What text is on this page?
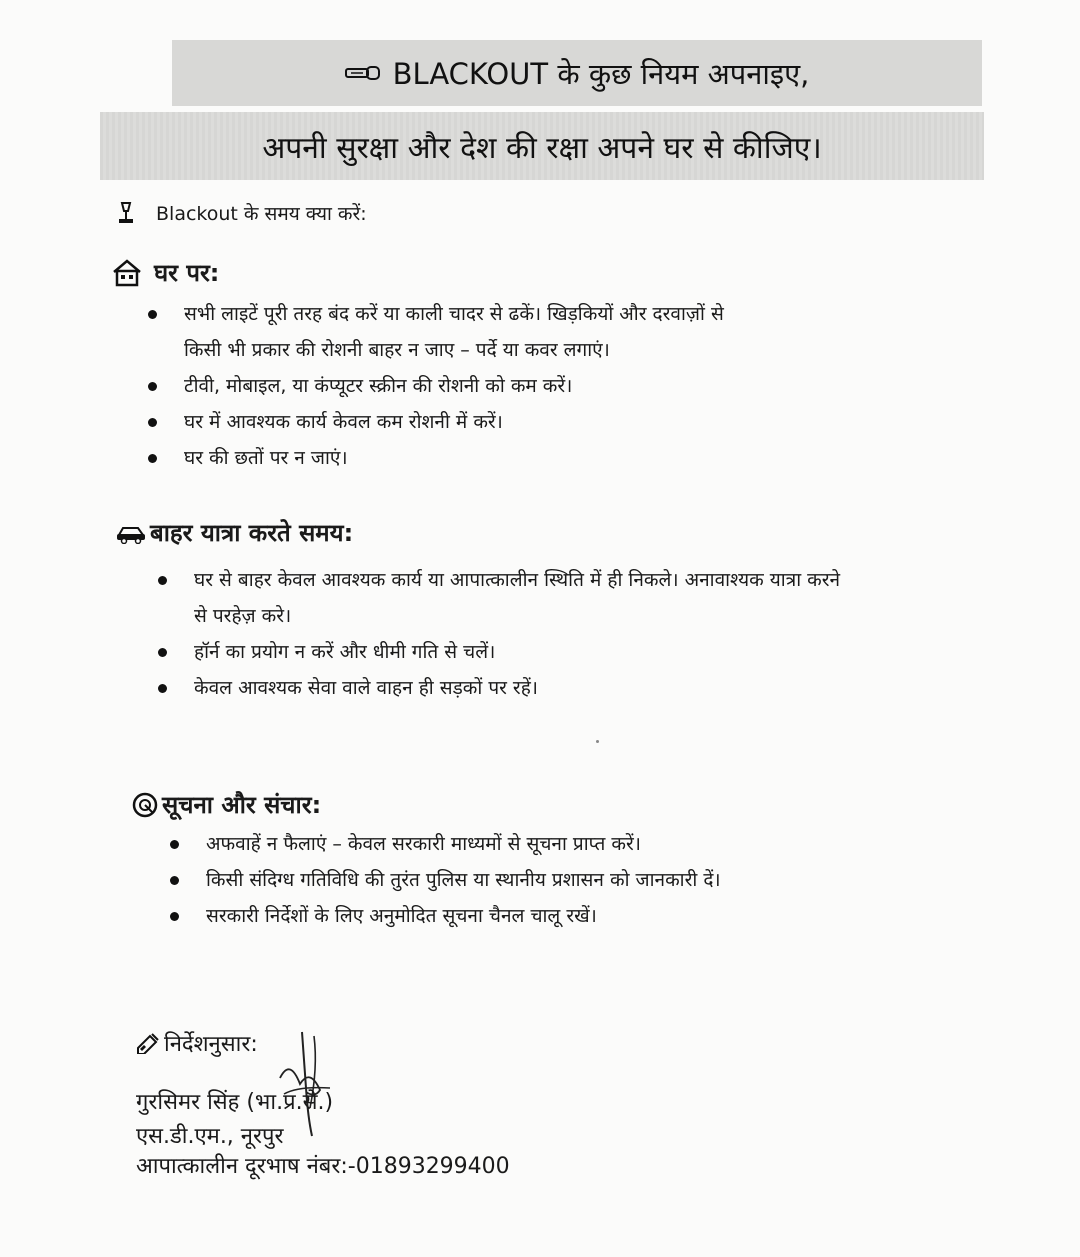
BLACKOUT के कुछ नियम अपनाइए,
अपनी सुरक्षा और देश की रक्षा अपने घर से कीजिए।
Blackout के समय क्या करें:
घर पर:
सभी लाइटें पूरी तरह बंद करें या काली चादर से ढकें। खिड़कियों और दरवाज़ों से
किसी भी प्रकार की रोशनी बाहर न जाए – पर्दे या कवर लगाएं।
टीवी, मोबाइल, या कंप्यूटर स्क्रीन की रोशनी को कम करें।
घर में आवश्यक कार्य केवल कम रोशनी में करें।
घर की छतों पर न जाएं।
बाहर यात्रा करते समय:
घर से बाहर केवल आवश्यक कार्य या आपात्कालीन स्थिति में ही निकले। अनावाश्यक यात्रा करने
से परहेज़ करे।
हॉर्न का प्रयोग न करें और धीमी गति से चलें।
केवल आवश्यक सेवा वाले वाहन ही सड़कों पर रहें।
सूचना और संचार:
अफवाहें न फैलाएं – केवल सरकारी माध्यमों से सूचना प्राप्त करें।
किसी संदिग्ध गतिविधि की तुरंत पुलिस या स्थानीय प्रशासन को जानकारी दें।
सरकारी निर्देशों के लिए अनुमोदित सूचना चैनल चालू रखें।
निर्देशनुसार:
गुरसिमर सिंह (भा.प्र.से.)
एस.डी.एम., नूरपुर
आपात्कालीन दूरभाष नंबर:-01893299400
